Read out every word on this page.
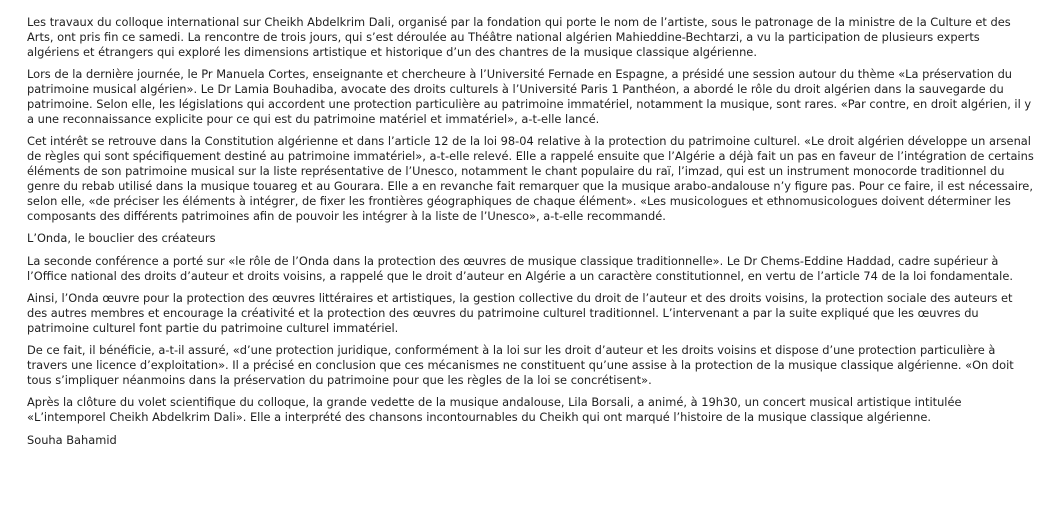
Les travaux du colloque international sur Cheikh Abdelkrim Dali, organisé par la fondation qui porte le nom de l’artiste, sous le patronage de la ministre de la Culture et des Arts, ont pris fin ce samedi. La rencontre de trois jours, qui s’est déroulée au Théâtre national algérien Mahieddine-Bechtarzi, a vu la participation de plusieurs experts algériens et étrangers qui exploré les dimensions artistique et historique d’un des chantres de la musique classique algérienne.

Lors de la dernière journée, le Pr Manuela Cortes, enseignante et chercheure à l’Université Fernade en Espagne, a présidé une session autour du thème «La préservation du patrimoine musical algérien». Le Dr Lamia Bouhadiba, avocate des droits culturels à l’Université Paris 1 Panthéon, a abordé le rôle du droit algérien dans la sauvegarde du patrimoine. Selon elle, les législations qui accordent une protection particulière au patrimoine immatériel, notamment la musique, sont rares. «Par contre, en droit algérien, il y a une reconnaissance explicite pour ce qui est du patrimoine matériel et immatériel», a-t-elle lancé.

Cet intérêt se retrouve dans la Constitution algérienne et dans l’article 12 de la loi 98-04 relative à la protection du patrimoine culturel. «Le droit algérien développe un arsenal de règles qui sont spécifiquement destiné au patrimoine immatériel», a-t-elle relevé. Elle a rappelé ensuite que l’Algérie a déjà fait un pas en faveur de l’intégration de certains éléments de son patrimoine musical sur la liste représentative de l’Unesco, notamment le chant populaire du raï, l’imzad, qui est un instrument monocorde traditionnel du genre du rebab utilisé dans la musique touareg et au Gourara. Elle a en revanche fait remarquer que la musique arabo-andalouse n’y figure pas. Pour ce faire, il est nécessaire, selon elle, «de préciser les éléments à intégrer, de fixer les frontières géographiques de chaque élément». «Les musicologues et ethnomusicologues doivent déterminer les composants des différents patrimoines afin de pouvoir les intégrer à la liste de l’Unesco», a-t-elle recommandé.

L’Onda, le bouclier des créateurs

La seconde conférence a porté sur «le rôle de l’Onda dans la protection des œuvres de musique classique traditionnelle». Le Dr Chems-Eddine Haddad, cadre supérieur à l’Office national des droits d’auteur et droits voisins, a rappelé que le droit d’auteur en Algérie a un caractère constitutionnel, en vertu de l’article 74 de la loi fondamentale.

Ainsi, l’Onda œuvre pour la protection des œuvres littéraires et artistiques, la gestion collective du droit de l’auteur et des droits voisins, la protection sociale des auteurs et des autres membres et encourage la créativité et la protection des œuvres du patrimoine culturel traditionnel. L’intervenant a par la suite expliqué que les œuvres du patrimoine culturel font partie du patrimoine culturel immatériel.

De ce fait, il bénéficie, a-t-il assuré, «d’une protection juridique, conformément à la loi sur les droit d’auteur et les droits voisins et dispose d’une protection particulière à travers une licence d’exploitation». Il a précisé en conclusion que ces mécanismes ne constituent qu’une assise à la protection de la musique classique algérienne. «On doit tous s’impliquer néanmoins dans la préservation du patrimoine pour que les règles de la loi se concrétisent».

Après la clôture du volet scientifique du colloque, la grande vedette de la musique andalouse, Lila Borsali, a animé, à 19h30, un concert musical artistique intitulée «L’intemporel Cheikh Abdelkrim Dali». Elle a interprété des chansons incontournables du Cheikh qui ont marqué l’histoire de la musique classique algérienne.

Souha Bahamid
